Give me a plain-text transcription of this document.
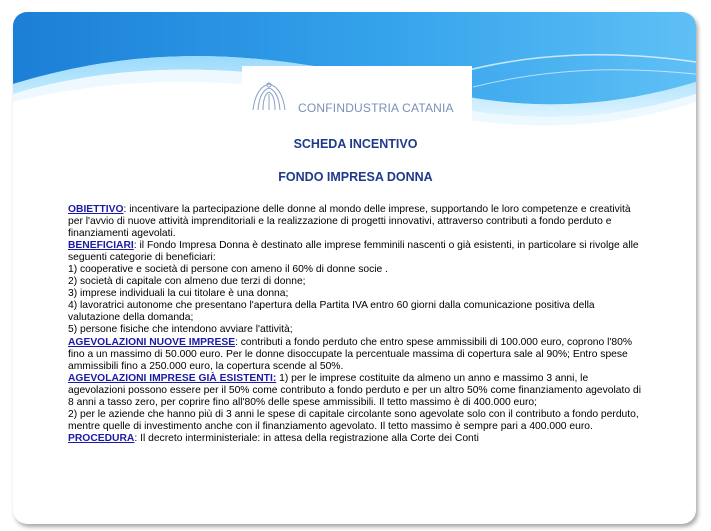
CONFINDUSTRIA CATANIA
SCHEDA INCENTIVO
FONDO IMPRESA DONNA

OBIETTIVO: incentivare la partecipazione delle donne al mondo delle imprese, supportando le loro competenze e creatività per l'avvio di nuove attività imprenditoriali e la realizzazione di progetti innovativi, attraverso contributi a fondo perduto e finanziamenti agevolati.

BENEFICIARI: il Fondo Impresa Donna è destinato alle imprese femminili nascenti o già esistenti, in particolare si rivolge alle seguenti categorie di beneficiari:

1) cooperative e società di persone con ameno il 60% di donne socie .

2) società di capitale con almeno due terzi di donne;

3) imprese individuali la cui titolare è una donna;

4) lavoratrici autonome che presentano l'apertura della Partita IVA entro 60 giorni dalla comunicazione positiva della valutazione della domanda;

5) persone fisiche che intendono avviare l'attività;

AGEVOLAZIONI NUOVE IMPRESE: contributi a fondo perduto che entro spese ammissibili di 100.000 euro, coprono l'80% fino a un massimo di 50.000 euro. Per le donne disoccupate la percentuale massima di copertura sale al 90%; Entro spese ammissibili fino a 250.000 euro, la copertura scende al 50%.

AGEVOLAZIONI IMPRESE GIÀ ESISTENTI: 1) per le imprese costituite da almeno un anno e massimo 3 anni, le agevolazioni possono essere per il 50% come contributo a fondo perduto e per un altro 50% come finanziamento agevolato di 8 anni a tasso zero, per coprire fino all'80% delle spese ammissibili. Il tetto massimo è di 400.000 euro;

2) per le aziende che hanno più di 3 anni le spese di capitale circolante sono agevolate solo con il contributo a fondo perduto, mentre quelle di investimento anche con il finanziamento agevolato. Il tetto massimo è sempre pari a 400.000 euro.

PROCEDURA: Il decreto interministeriale: in attesa della registrazione alla Corte dei Conti
